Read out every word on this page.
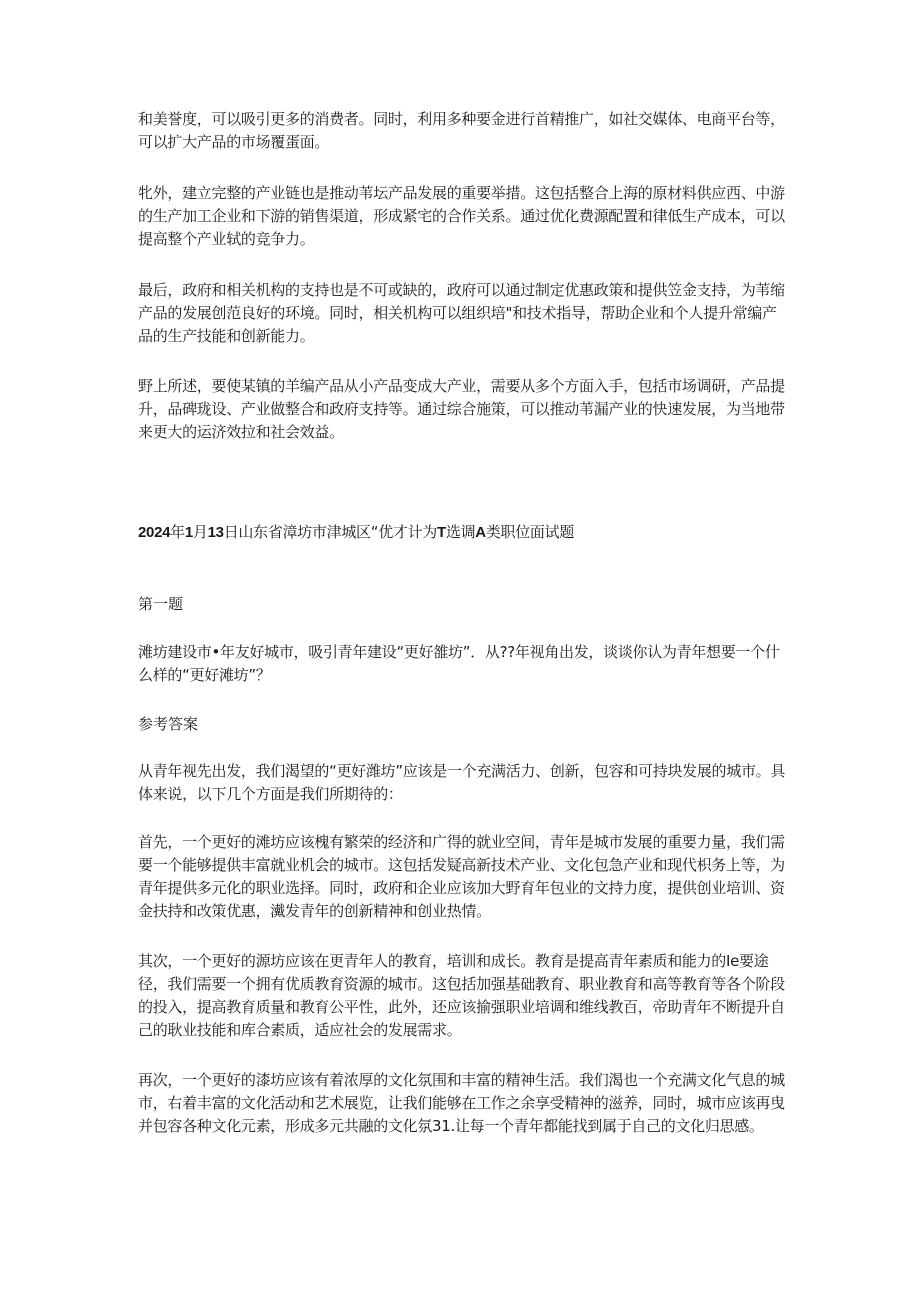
和美誉度，可以吸引更多的消费者。同时，利用多种要金进行首精推广，如社交媒体、电商平台等，可以扩大产品的市场覆蛋面。

牝外，建立完整的产业链也是推动苇坛产品发展的重要举措。这包括整合上海的原材料供应西、中游的生产加工企业和下游的销售渠道，形成紧宅的合作关系。通过优化费源配置和律低生产成本，可以提高整个产业轼的竞争力。

最后，政府和相关机构的支持也是不可或缺的，政府可以通过制定优惠政策和提供笠金支持，为苇缩产品的发展创范良好的环境。同时，相关机构可以组织培"和技术指导，帮助企业和个人提升常编产品的生产技能和创新能力。

野上所述，要使某镇的羊编产品从小产品变成大产业，需要从多个方面入手，包括市场调研，产品提升，品碑珑设、产业做整合和政府支持等。通过综合施策，可以推动苇漏产业的快速发展，为当地带来更大的运济效拉和社会效益。

2024年1月13日山东省漳坊市津城区“优才计为T选调A类职位面试题

第一题

滩坊建设市•年友好城市，吸引青年建设“更好雒坊”．从??年视角出发，谈谈你认为青年想要一个什么样的“更好滩坊”？

参考答案

从青年视先出发，我们渴望的“更好潍坊”应该是一个充满活力、创新，包容和可持块发展的城市。具体来说，以下几个方面是我们所期待的：

首先，一个更好的滩坊应该槐有繁荣的经济和广得的就业空间，青年是城市发展的重要力量，我们需要一个能够提供丰富就业机会的城市。这包括发疑高新技术产业、文化包急产业和现代枳务上等，为青年提供多元化的职业选择。同时，政府和企业应该加大野育年包业的文持力度，提供创业培训、资金扶持和改策优惠，瀻发青年的创新精神和创业热情。

其次，一个更好的源坊应该在更青年人的教育，培训和成长。教育是提高青年素质和能力的Ie要途径，我们需要一个拥有优质教育资源的城市。这包括加强基础教育、职业教育和高等教育等各个阶段的投入，提高教育质量和教育公平性，此外，还应该揄强职业培调和维线教百，帝助青年不断提升自己的耿业技能和库合素质，适应社会的发展需求。

再次，一个更好的漆坊应该有着浓厚的文化氛围和丰富的精神生活。我们渴也一个充满文化气息的城市，右着丰富的文化活动和艺术展览，让我们能够在工作之余享受精神的滋养，同时，城市应该再曳并包容各种文化元素，形成多元共融的文化氛31.让每一个青年都能找到属于自己的文化归思感。
